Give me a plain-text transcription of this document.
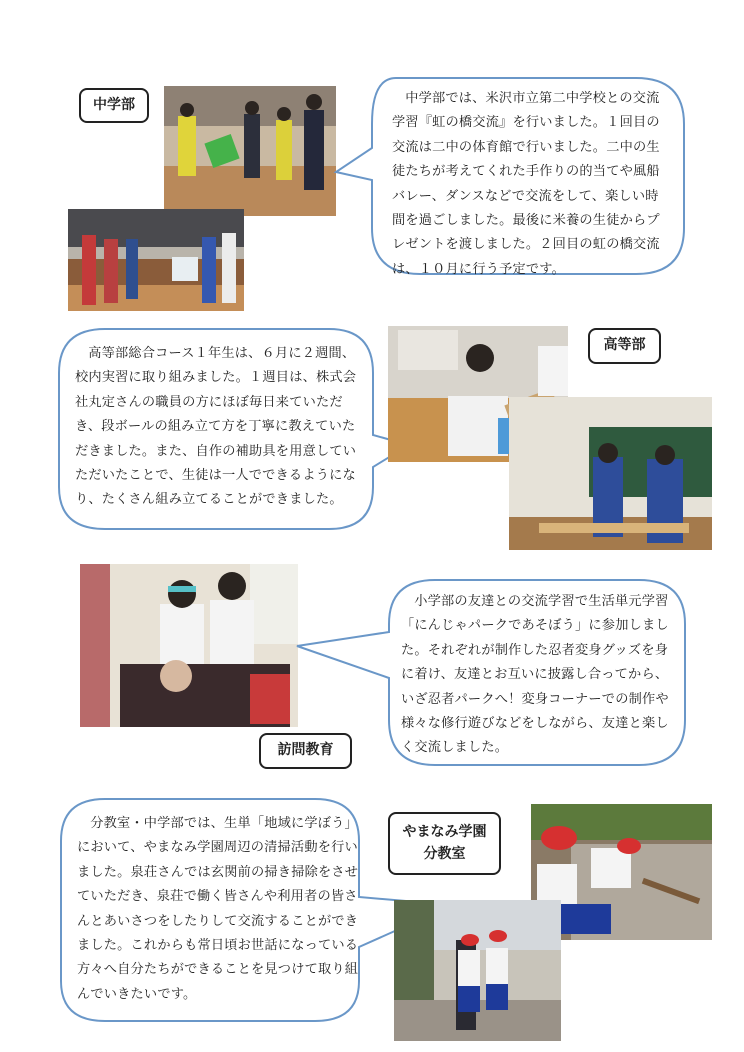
中学部	中学部では、米沢市立第二中学校との交流学習『虹の橋交流』を行いました。１回目の交流は二中の体育館で行いました。二中の生徒たちが考えてくれた手作りの的当てや風船バレー、ダンスなどで交流をして、楽しい時間を過ごしました。最後に米養の生徒からプレゼントを渡しました。２回目の虹の橋交流は、１０月に行う予定です。
高等部総合コース１年生は、６月に２週間、校内実習に取り組みました。１週目は、株式会社丸定さんの職員の方にほぼ毎日来ていただき、段ボールの組み立て方を丁寧に教えていただきました。また、自作の補助具を用意していただいたことで、生徒は一人でできるようになり、たくさん組み立てることができました。
高等部
小学部の友達との交流学習で生活単元学習「にんじゃパークであそぼう」に参加しました。それぞれが制作した忍者変身グッズを身に着け、友達とお互いに披露し合ってから、いざ忍者パークへ！変身コーナーでの制作や様々な修行遊びなどをしながら、友達と楽しく交流しました。
訪問教育
分教室・中学部では、生単「地域に学ぼう」において、やまなみ学園周辺の清掃活動を行いました。泉荘さんでは玄関前の掃き掃除をさせていただき、泉荘で働く皆さんや利用者の皆さんとあいさつをしたりして交流することができました。これからも常日頃お世話になっている方々へ自分たちができることを見つけて取り組んでいきたいです。
やまなみ学園
分教室
